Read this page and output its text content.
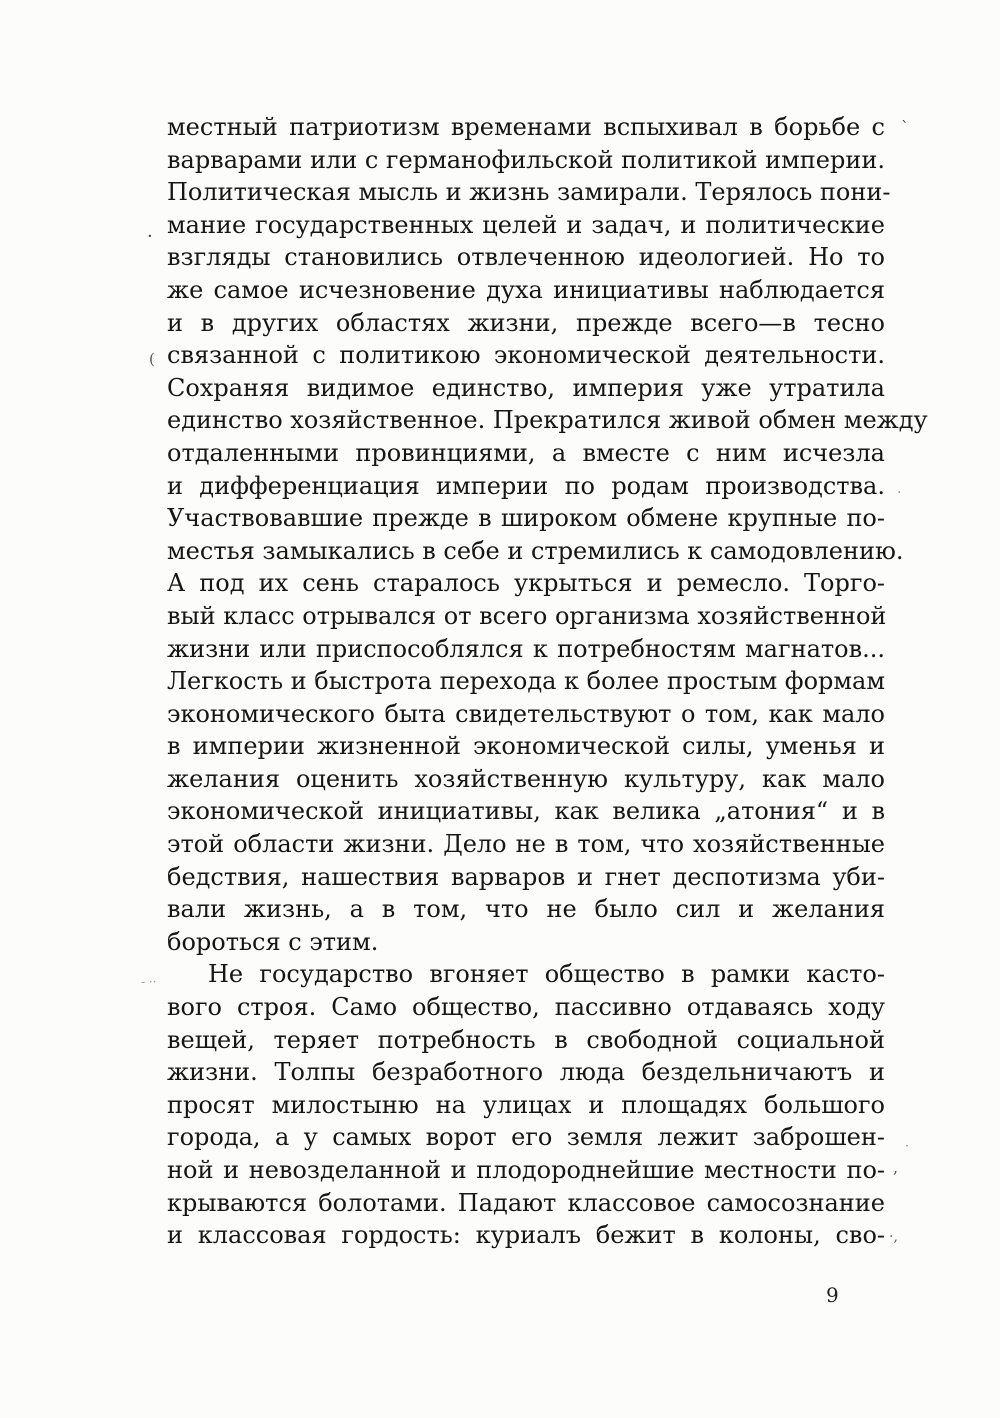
местный патриотизм временами вспыхивал в борьбе с
варварами или с германофильской политикой империи.
Политическая мысль и жизнь замирали. Терялось пони-
мание государственных целей и задач, и политические
взгляды становились отвлеченною идеологией. Но то
же самое исчезновение духа инициативы наблюдается
и в других областях жизни, прежде всего—в тесно
связанной с политикою экономической деятельности.
Сохраняя видимое единство, империя уже утратила
единство хозяйственное. Прекратился живой обмен между
отдаленными провинциями, а вместе с ним исчезла
и дифференциация империи по родам производства.
Участвовавшие прежде в широком обмене крупные по-
местья замыкались в себе и стремились к самодовлению.
А под их сень старалось укрыться и ремесло. Торго-
вый класс отрывался от всего организма хозяйственной
жизни или приспособлялся к потребностям магнатов...
Легкость и быстрота перехода к более простым формам
экономического быта свидетельствуют о том, как мало
в империи жизненной экономической силы, уменья и
желания оценить хозяйственную культуру, как мало
экономической инициативы, как велика „атония“ и в
этой области жизни. Дело не в том, что хозяйственные
бедствия, нашествия варваров и гнет деспотизма уби-
вали жизнь, а в том, что не было сил и желания
бороться с этим.
Не государство вгоняет общество в рамки касто-
вого строя. Само общество, пассивно отдаваясь ходу
вещей, теряет потребность в свободной социальной
жизни. Толпы безработного люда бездельничаютъ и
просят милостыню на улицах и площадях большого
города, а у самых ворот его земля лежит заброшен-
ной и невозделанной и плодороднейшие местности по-
крываются болотами. Падают классовое самосознание
и классовая гордость: куриалъ бежит в колоны, сво-
9
`
·
(
·
- ··
·
,
·,
